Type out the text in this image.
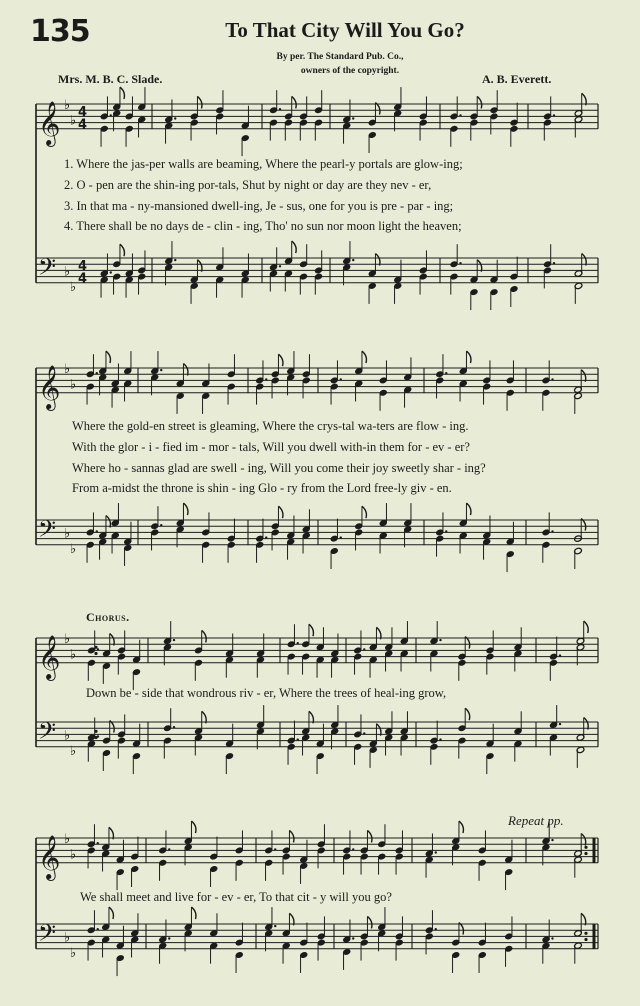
135	To That City Will You Go?
By per. The Standard Pub. Co.,
owners of the copyright.
Mrs. M. B. C. Slade.	A. B. Everett.
𝄞 ♭
♭
4
4
𝄢 ♭
♭
4
4
𝄞 ♭
♭
𝄢 ♭
♭
𝄞 ♭
♭
𝄢 ♭
♭
𝄞 ♭
♭
𝄢 ♭
♭
1. Where the jas-per walls are beaming, Where the pearl-y portals are glow-ing;
2. O - pen are the shin-ing por-tals, Shut by night or day are they nev - er,
3. In that ma - ny-mansioned dwell-ing, Je - sus, one for you is pre - par - ing;
4. There shall be no days de - clin - ing, Tho' no sun nor moon light the heaven;
Where the gold-en street is gleaming, Where the crys-tal wa-ters are flow - ing.
With the glor - i - fied im - mor - tals, Will you dwell with-in them for - ev - er?
Where ho - sannas glad are swell - ing, Will you come their joy sweetly shar - ing?
From a-midst the throne is shin - ing Glo - ry from the Lord free-ly giv - en.
Chorus.
Down be - side that wondrous riv - er, Where the trees of heal-ing grow,
Repeat pp.
We shall meet and live for - ev - er, To that cit - y will you go?
